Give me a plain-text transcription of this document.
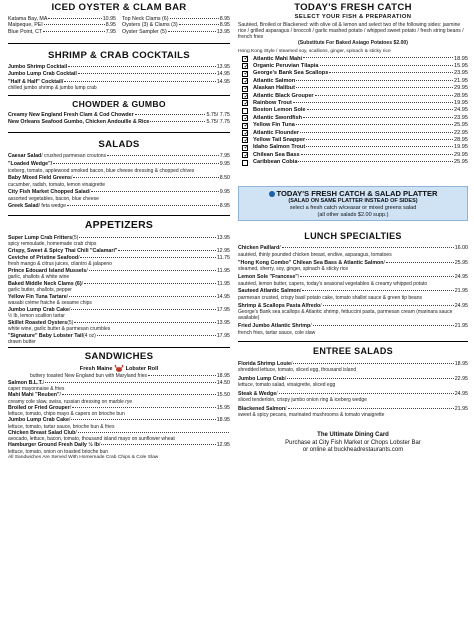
ICED OYSTER & CLAM BAR
Katama Bay, MA	10.95
Malpeque, PEI	8.95
Blue Point, CT	7.95
Top Neck Clams (6)	8.95
Oysters (3) & Clams (3)	8.95
Oyster Sampler (5)	13.95
SHRIMP & CRAB COCKTAILS
Jumbo Shrimp Cocktail	13.95
Jumbo Lump Crab Cocktail	14.95
"Half & Half" Cocktail/	14.95
chilled jumbo shrimp & jumbo lump crab
CHOWDER & GUMBO
Creamy New England Fresh Clam & Cod Chowder	5.75/ 7.75
New Orleans Seafood Gumbo, Chicken Andouille & Rice	5.75/ 7.75
SALADS
Caesar Salad / crushed parmesan croutons	7.95
"Loaded Wedge"/	9.95
iceberg, tomato, applewood smoked bacon, blue cheese dressing & chopped chives
Baby Mixed Field Greens /	8.50
cucumber, radish, tomato, lemon vinaigrette
City Fish Market Chopped Salad /	9.95
assorted vegetables, bacon, blue cheese
Greek Salad / feta wedge	8.95
APPETIZERS
Super Lump Crab Fritters (5)	13.95
spicy remoulade, homemade crab chips
Crispy, Sweet & Spicy Thai Chili "Calamari"	12.95
Ceviche of Pristine Seafood /	11.75
fresh mango & citrus juices, cilantro & jalapeno
Prince Edouard Island Mussels /	11.95
garlic, shallots & white wine
Baked Middle Neck Clams (6) /	11.95
garlic butter, shallots, pepper
Yellow Fin Tuna Tartare /	14.95
wasabi crème fraiche & sesame chips
Jumbo Lump Crab Cake /	17.95
½ lb, lemon scallion tartar
Skillet Roasted Oysters (5)	13.95
white wine, garlic butter & parmesan crumbles
"Signature" Baby Lobster Tail (4 oz)	17.95
drawn butter
SANDWICHES
Fresh Maine Lobster Roll
buttery toasted New England bun with Maryland fries	18.95
Salmon B.L.T. /	14.50
caper mayonnaise & fries
Mahi Mahi "Reuben" /	15.50
creamy cole slaw, swiss, russian dressing on marble rye
Broiled or Fried Grouper /	15.95
lettuce, tomato, chipo mayo & capers on brioche bun
Jumbo Lump Crab Cake /	18.95
lettuce, tomato, tartar sauce, brioche bun & fries
Chicken Breast Salad Club /
avocado, lettuce, bacon, tomato, thousand island mayo on sunflower wheat
Hamburger Ground Fresh Daily ½ lb /	12.95
lettuce, tomato, onion on toasted brioche bun
All Sandwiches Are Served With Homemade Crab Chips & Cole Slaw
TODAY'S FRESH CATCH
SELECT YOUR FISH & PREPARATION
Sautéed, Broiled or Blackened: with olive oil & lemon and select two of the following sides: jasmine rice / grilled asparagus / broccoli / garlic mashed potato / whipped sweet potato / fresh string beans / french fries
(Substitute For Baked Asiago Potatoes $2.00)
Hong Kong Style / steamed soy, scallions, ginger, spinach & sticky rice
✓
Atlantic Mahi Mahi	18.95
✓
Organic Peruvian Tilapia	15.95
✓
George's Bank Sea Scallops	23.95
✓
Atlantic Salmon	21.95
✓
Alaskan Halibut	29.95
✓
Atlantic Black Grouper	28.95
✓
Rainbow Trout	19.95
Boston Lemon Sole	24.95
✓
Atlantic Swordfish	23.95
✓
Yellow Fin Tuna	25.95
✓
Atlantic Flounder	22.95
✓
Yellow Tail Snapper	28.95
✓
Idaho Salmon Trout	19.95
✓
Chilean Sea Bass	29.95
Caribbean Cobia	25.95
TODAY'S FRESH CATCH & SALAD PLATTER
(SALAD ON SAME PLATTER INSTEAD OF SIDES)
select a fresh catch w/ceasar or mixed greens salad
(all other salads $2.00 supp.)
LUNCH SPECIALTIES
Chicken Paillard /	16.00
sautéed, thinly pounded chicken breast, endive, asparagus, tomatoes
"Hong Kong Combo" Chilean Sea Bass & Atlantic Salmon /	25.95
steamed, sherry, soy, ginger, spinach & sticky rice
Lemon Sole "Francese" /	24.95
sautéed, lemon butter, capers, today's seasonal vegetables & creamy whipped potato
Sauteed Atlantic Salmon /	21.95
parmesan crusted, crispy basil potato cake, tomato shallot sauce & green tip beans
Shrimp & Scallops Pasta Alfredo /	24.95
George's Bank sea scallops & Atlantic shrimp, fettuccini pasta, parmesan cream (marinara sauce available)
Fried Jumbo Atlantic Shrimp /	21.95
french fries, tartar sauce, cole slaw
ENTREE SALADS
Florida Shrimp Louie /	18.95
shredded lettuce, tomato, sliced egg, thousand island
Jumbo Lump Crab /	22.95
lettuce, tomato salad, vinaigrette, sliced egg
Steak & Wedge /	24.95
sliced tenderloin, crispy jumbo onion ring & iceberg wedge
Blackened Salmon /	21.95
sweet & spicy pecans, marinated mushrooms & tomato vinaigrette
The Ultimate Dining Card
Purchase at City Fish Market or Chops Lobster Bar
or online at buckheadrestaurants.com
